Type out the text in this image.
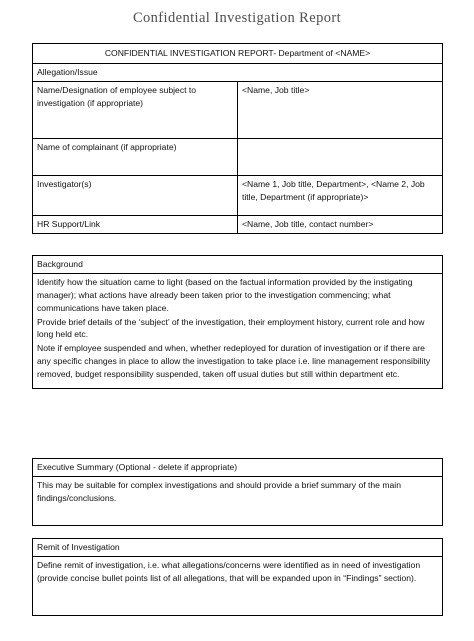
Confidential Investigation Report
CONFIDENTIAL INVESTIGATION REPORT- Department of <NAME>	
Allegation/Issue	
Name/Designation of employee subject to investigation (if appropriate)	<Name, Job title>
Name of complainant (if appropriate)	
Investigator(s)	<Name 1, Job title, Department>, <Name 2, Job title, Department (if appropriate)>
HR Support/Link	<Name, Job title, contact number>
Background

Identify how the situation came to light (based on the factual information provided by the instigating manager); what actions have already been taken prior to the investigation commencing; what communications have taken place.

Provide brief details of the ‘subject’ of the investigation, their employment history, current role and how long held etc.

Note if employee suspended and when, whether redeployed for duration of investigation or if there are any specific changes in place to allow the investigation to take place i.e. line management responsibility removed, budget responsibility suspended, taken off usual duties but still within department etc.

Executive Summary (Optional - delete if appropriate)

This may be suitable for complex investigations and should provide a brief summary of the main findings/conclusions.

Remit of Investigation

Define remit of investigation, i.e. what allegations/concerns were identified as in need of investigation (provide concise bullet points list of all allegations, that will be expanded upon in “Findings” section).
